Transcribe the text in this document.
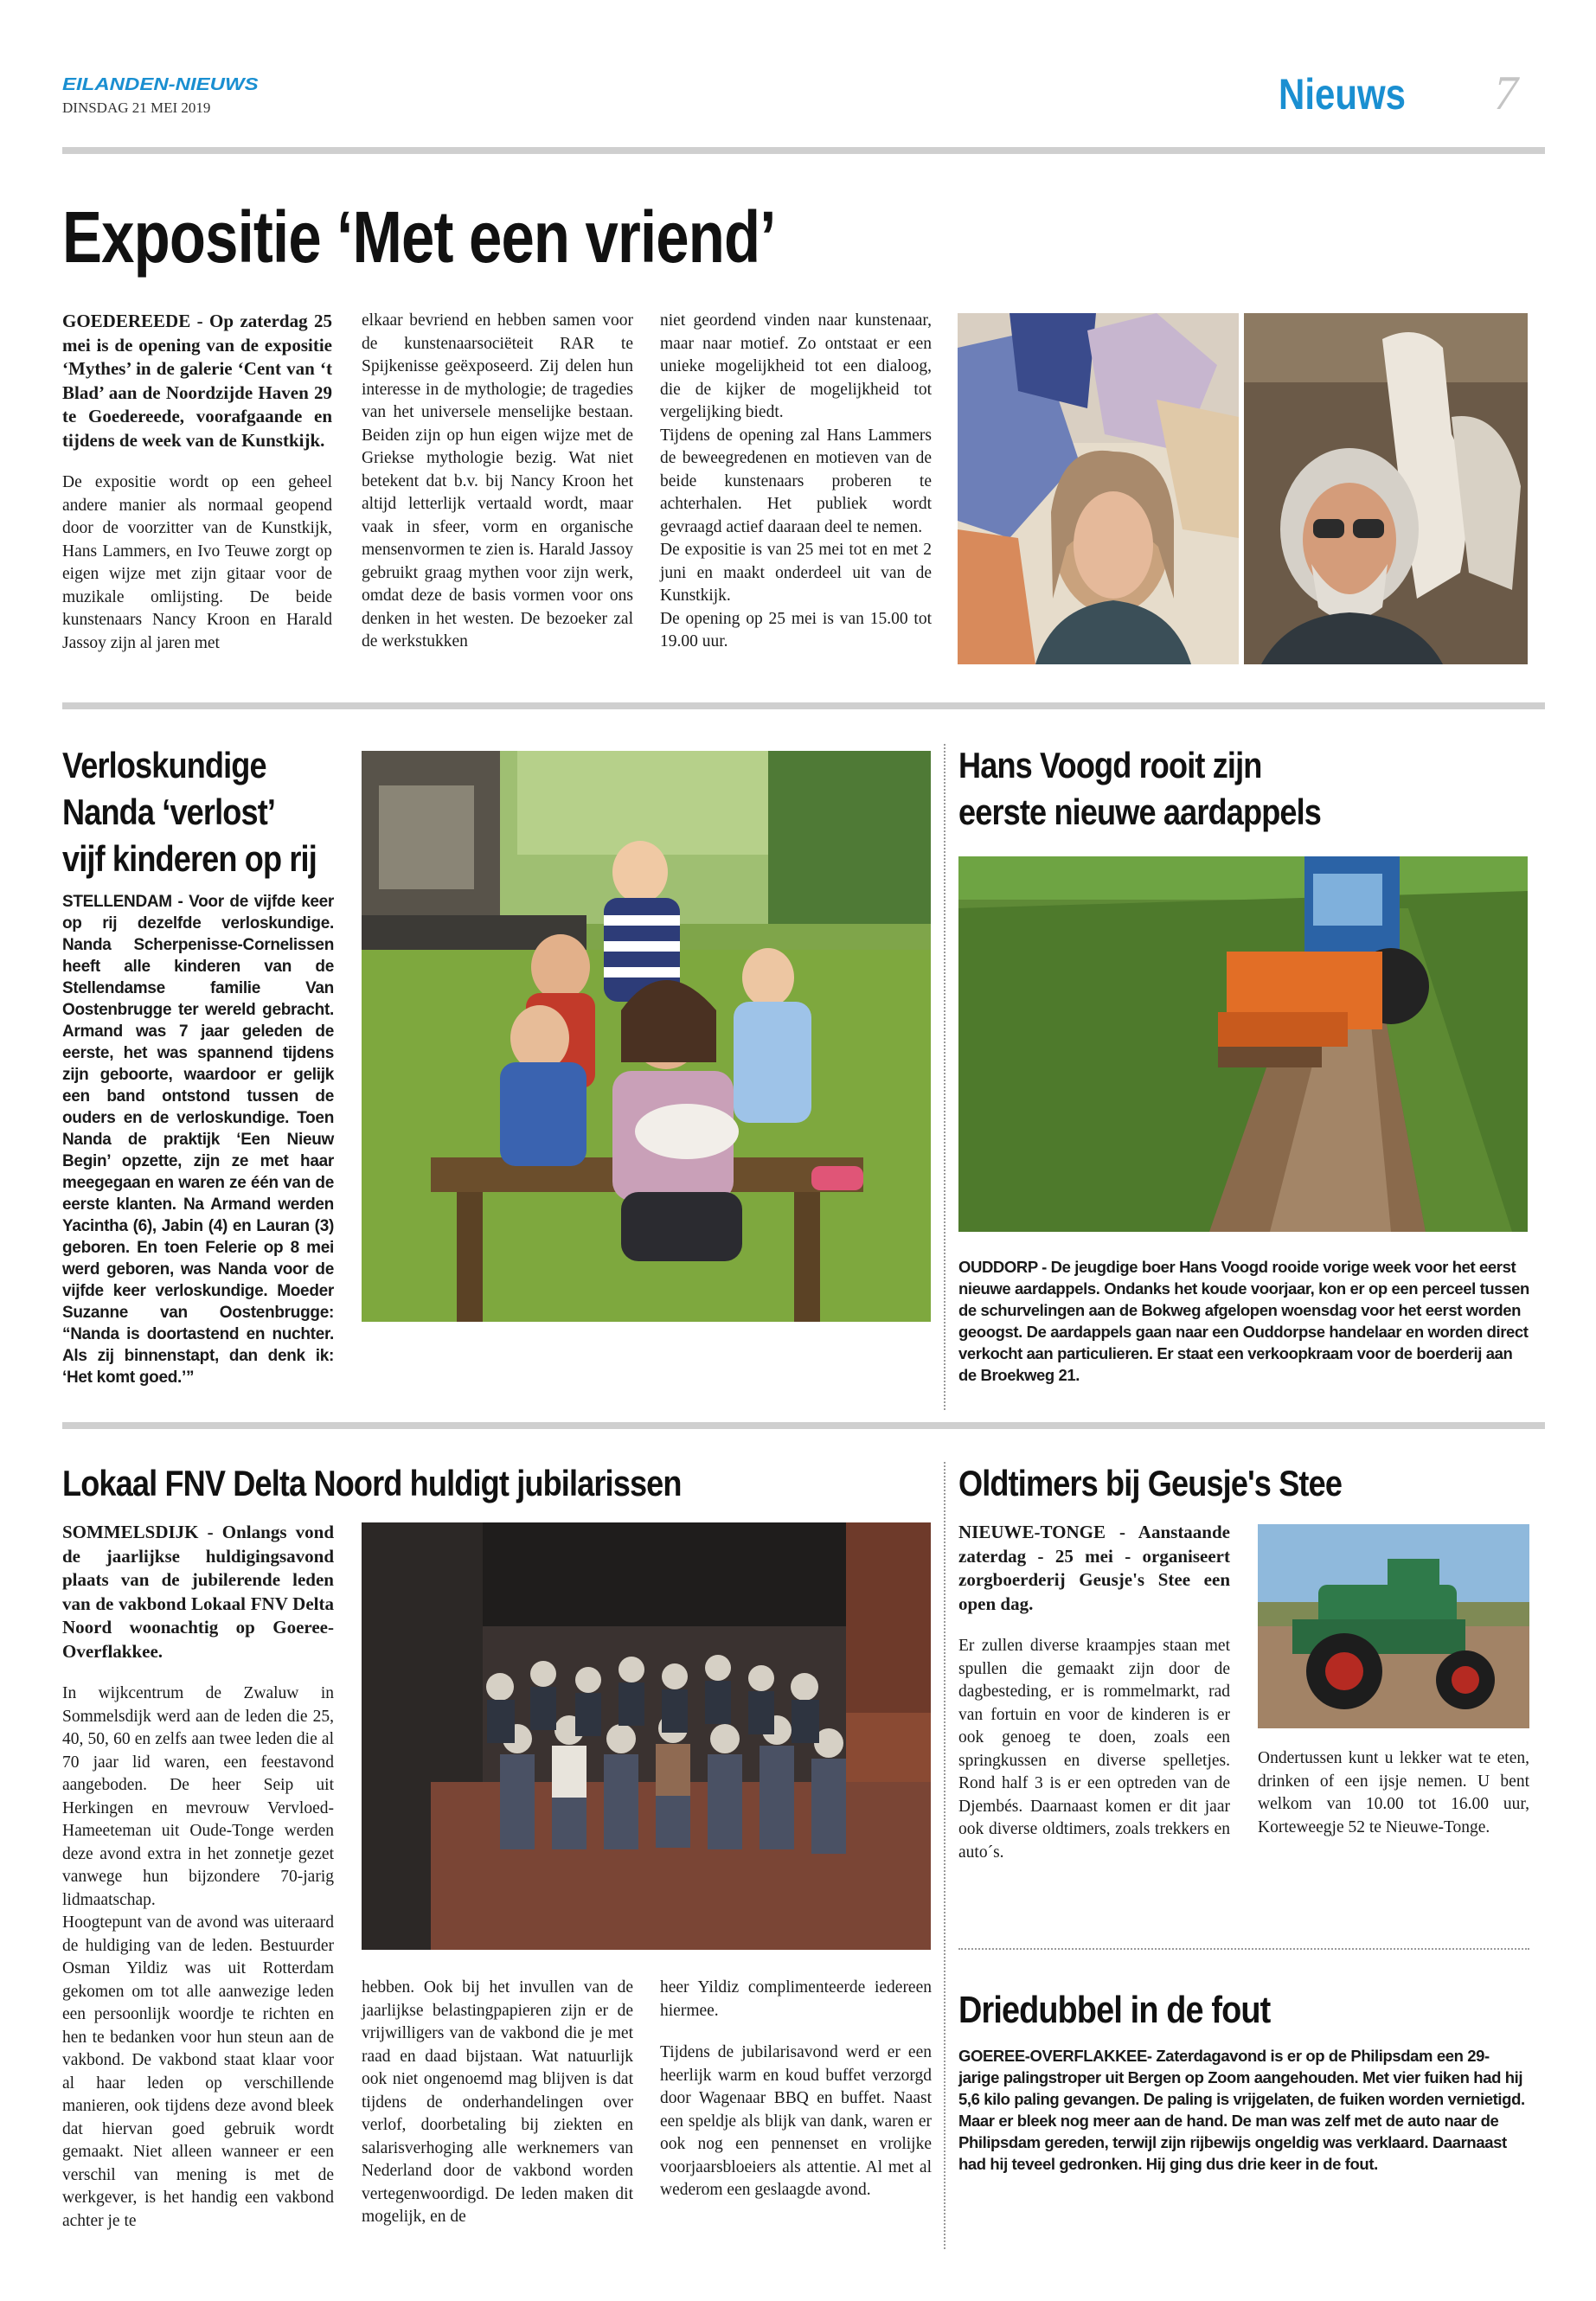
EILANDEN-NIEUWS
DINSDAG 21 MEI 2019	Nieuws 7
Expositie ‘Met een vriend’

GOEDEREEDE - Op zaterdag 25 mei is de opening van de expositie ‘Mythes’ in de galerie ‘Cent van ‘t Blad’ aan de Noordzijde Haven 29 te Goedereede, voorafgaande en tijdens de week van de Kunstkijk.

De expositie wordt op een geheel andere manier als normaal geopend door de voorzitter van de Kunstkijk, Hans Lammers, en Ivo Teuwe zorgt op eigen wijze met zijn gitaar voor de muzikale omlijsting. De beide kunstenaars Nancy Kroon en Harald Jassoy zijn al jaren met

elkaar bevriend en hebben samen voor de kunstenaarsociëteit RAR te Spijkenisse geëxposeerd. Zij delen hun interesse in de mythologie; de tragedies van het universele menselijke bestaan. Beiden zijn op hun eigen wijze met de Griekse mythologie bezig. Wat niet betekent dat b.v. bij Nancy Kroon het altijd letterlijk vertaald wordt, maar vaak in sfeer, vorm en organische mensenvormen te zien is. Harald Jassoy gebruikt graag mythen voor zijn werk, omdat deze de basis vormen voor ons denken in het westen. De bezoeker zal de werkstukken

niet geordend vinden naar kunstenaar, maar naar motief. Zo ontstaat er een unieke mogelijkheid tot een dialoog, die de kijker de mogelijkheid tot vergelijking biedt.

Tijdens de opening zal Hans Lammers de beweegredenen en motieven van de beide kunstenaars proberen te achterhalen. Het publiek wordt gevraagd actief daaraan deel te nemen.

De expositie is van 25 mei tot en met 2 juni en maakt onderdeel uit van de Kunstkijk.

De opening op 25 mei is van 15.00 tot 19.00 uur.

Verloskundige
Nanda ‘verlost’
vijf kinderen op rij

STELLENDAM - Voor de vijfde keer op rij dezelfde verloskundige. Nanda Scherpenisse-Cornelissen heeft alle kinderen van de Stellendamse familie Van Oostenbrugge ter wereld gebracht. Armand was 7 jaar geleden de eerste, het was spannend tijdens zijn geboorte, waardoor er gelijk een band ontstond tussen de ouders en de verloskundige. Toen Nanda de praktijk ‘Een Nieuw Begin’ opzette, zijn ze met haar meegegaan en waren ze één van de eerste klanten. Na Armand werden Yacintha (6), Jabin (4) en Lauran (3) geboren. En toen Felerie op 8 mei werd geboren, was Nanda voor de vijfde keer verloskundige. Moeder Suzanne van Oostenbrugge: “Nanda is doortastend en nuchter. Als zij binnenstapt, dan denk ik: ‘Het komt goed.’”

Hans Voogd rooit zijn
eerste nieuwe aardappels

OUDDORP - De jeugdige boer Hans Voogd rooide vorige week voor het eerst nieuwe aardappels. Ondanks het koude voorjaar, kon er op een perceel tussen de schurvelingen aan de Bokweg afgelopen woensdag voor het eerst worden geoogst. De aardappels gaan naar een Ouddorpse handelaar en worden direct verkocht aan particulieren. Er staat een verkoopkraam voor de boerderij aan de Broekweg 21.

Lokaal FNV Delta Noord huldigt jubilarissen

SOMMELSDIJK - Onlangs vond de jaarlijkse huldigingsavond plaats van de jubilerende leden van de vakbond Lokaal FNV Delta Noord woonachtig op Goeree-Overflakkee.

In wijkcentrum de Zwaluw in Sommelsdijk werd aan de leden die 25, 40, 50, 60 en zelfs aan twee leden die al 70 jaar lid waren, een feestavond aangeboden. De heer Seip uit Herkingen en mevrouw Vervloed-Hameeteman uit Oude-Tonge werden deze avond extra in het zonnetje gezet vanwege hun bijzondere 70-jarig lidmaatschap.

Hoogtepunt van de avond was uiteraard de huldiging van de leden. Bestuurder Osman Yildiz was uit Rotterdam gekomen om tot alle aanwezige leden een persoonlijk woordje te richten en hen te bedanken voor hun steun aan de vakbond. De vakbond staat klaar voor al haar leden op verschillende manieren, ook tijdens deze avond bleek dat hiervan goed gebruik wordt gemaakt. Niet alleen wanneer er een verschil van mening is met de werkgever, is het handig een vakbond achter je te

hebben. Ook bij het invullen van de jaarlijkse belastingpapieren zijn er de vrijwilligers van de vakbond die je met raad en daad bijstaan. Wat natuurlijk ook niet ongenoemd mag blijven is dat tijdens de onderhandelingen over verlof, doorbetaling bij ziekten en salarisverhoging alle werknemers van Nederland door de vakbond worden vertegenwoordigd. De leden maken dit mogelijk, en de

heer Yildiz complimenteerde iedereen hiermee.

Tijdens de jubilarisavond werd er een heerlijk warm en koud buffet verzorgd door Wagenaar BBQ en buffet. Naast een speldje als blijk van dank, waren er ook nog een pennenset en vrolijke voorjaarsbloeiers als attentie. Al met al wederom een geslaagde avond.

Oldtimers bij Geusje's Stee

NIEUWE-TONGE - Aanstaande zaterdag - 25 mei - organiseert zorgboerderij Geusje's Stee een open dag.

Er zullen diverse kraampjes staan met spullen die gemaakt zijn door de dagbesteding, er is rommelmarkt, rad van fortuin en voor de kinderen is er ook genoeg te doen, zoals een springkussen en diverse spelletjes. Rond half 3 is er een optreden van de Djembés. Daarnaast komen er dit jaar ook diverse oldtimers, zoals trekkers en auto´s.

Ondertussen kunt u lekker wat te eten, drinken of een ijsje nemen. U bent welkom van 10.00 tot 16.00 uur, Korteweegje 52 te Nieuwe-Tonge.

Driedubbel in de fout

GOEREE-OVERFLAKKEE- Zaterdagavond is er op de Philipsdam een 29-jarige palingstroper uit Bergen op Zoom aangehouden. Met vier fuiken had hij 5,6 kilo paling gevangen. De paling is vrijgelaten, de fuiken worden vernietigd. Maar er bleek nog meer aan de hand. De man was zelf met de auto naar de Philipsdam gereden, terwijl zijn rijbewijs ongeldig was verklaard. Daarnaast had hij teveel gedronken. Hij ging dus drie keer in de fout.
